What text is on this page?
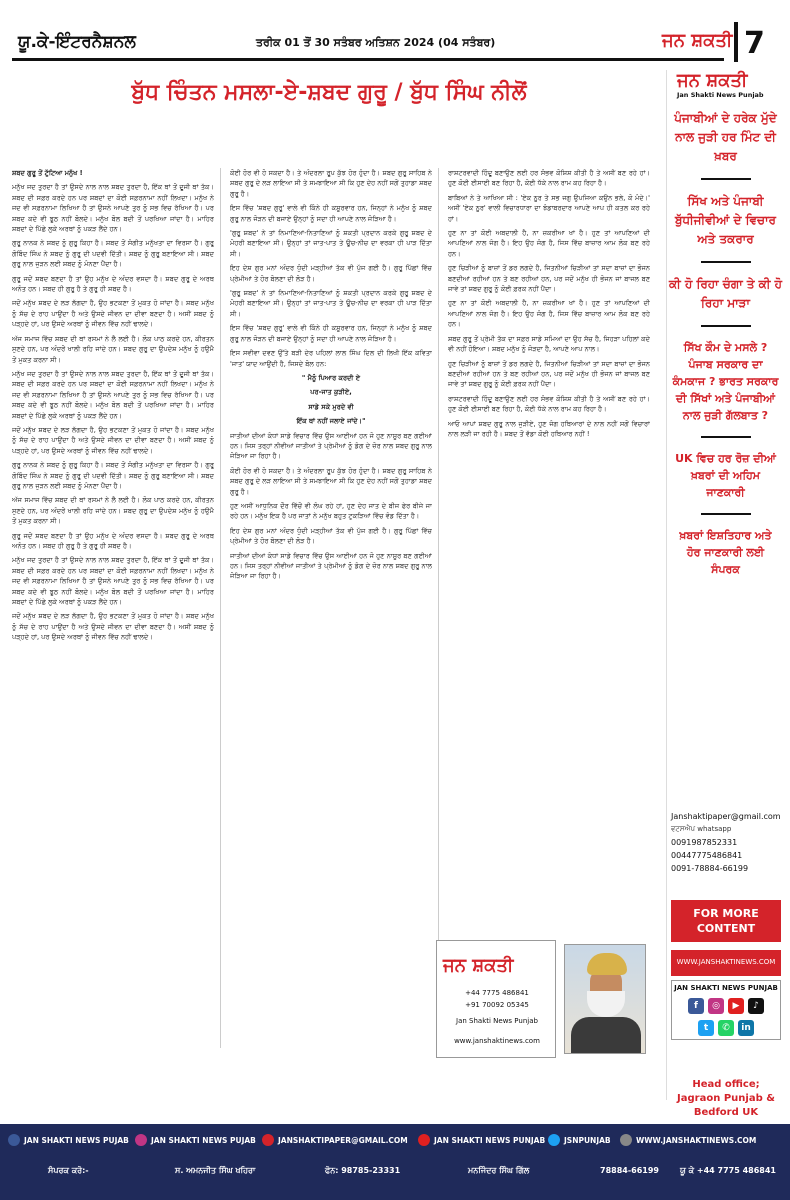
ਯੂ.ਕੇ-ਇੰਟਰਨੈਸ਼ਨਲ	ਤਰੀਕ 01 ਤੋਂ 30 ਸਤੰਬਰ ਅਤਿਸ਼ਨ 2024 (04 ਸਤੰਬਰ)	ਜਨ ਸ਼ਕਤੀ 7
ਬੁੱਧ ਚਿੰਤਨ ਮਸਲਾ-ਏ-ਸ਼ਬਦ ਗੁਰੂ / ਬੁੱਧ ਸਿੰਘ ਨੀਲੋਂ

ਸ਼ਬਦ ਗੁਰੂ ਤੋਂ ਟੁੱਟਿਆ ਮਨੁੱਖ !

ਮਨੁੱਖ ਜਦ ਤੁਰਦਾ ਹੈ ਤਾਂ ਉਸਦੇ ਨਾਲ ਨਾਲ ਸ਼ਬਦ ਤੁਰਦਾ ਹੈ, ਇੱਕ ਥਾਂ ਤੋਂ ਦੂਜੀ ਥਾਂ ਤੱਕ। ਸ਼ਬਦ ਦੀ ਸਫ਼ਰ ਕਰਦੇ ਹਨ ਪਰ ਸ਼ਬਦਾਂ ਦਾ ਕੋਈ ਸਫ਼ਰਨਾਮਾ ਨਹੀਂ ਲਿਖਦਾ। ਮਨੁੱਖ ਨੇ ਜਦ ਵੀ ਸਫ਼ਰਨਾਮਾ ਲਿਖਿਆ ਹੈ ਤਾਂ ਉਸਨੇ ਆਪਣੇ ਤੁਰ ਨੂੰ ਸਭ ਵਿਚ ਰੱਖਿਆ ਹੈ। ਪਰ ਸ਼ਬਦ ਕਦੇ ਵੀ ਝੂਠ ਨਹੀਂ ਬੋਲਦੇ। ਮਨੁੱਖ ਬੋਲ ਬਦੀ ਤੋਂ ਪਰਖਿਆ ਜਾਂਦਾ ਹੈ। ਮਾਹਿਰ ਸ਼ਬਦਾਂ ਦੇ ਪਿੱਛੇ ਲੁਕੇ ਅਰਥਾਂ ਨੂੰ ਪਕੜ ਲੈਂਦੇ ਹਨ।

ਗੁਰੂ ਨਾਨਕ ਨੇ ਸ਼ਬਦ ਨੂੰ ਗੁਰੂ ਕਿਹਾ ਹੈ। ਸ਼ਬਦ ਤੋਂ ਸੰਗੀਤ ਮਨੁੱਖਤਾ ਦਾ ਵਿਰਸਾ ਹੈ। ਗੁਰੂ ਗੋਬਿੰਦ ਸਿੰਘ ਨੇ ਸ਼ਬਦ ਨੂੰ ਗੁਰੂ ਦੀ ਪਦਵੀ ਦਿੱਤੀ। ਸ਼ਬਦ ਨੂੰ ਗੁਰੂ ਬਣਾਇਆ ਸੀ। ਸ਼ਬਦ ਗੁਰੂ ਨਾਲ ਜੁੜਨ ਲਈ ਸ਼ਬਦ ਨੂੰ ਮੰਨਣਾ ਪੈਂਦਾ ਹੈ।

ਗੁਰੂ ਜਦੋਂ ਸ਼ਬਦ ਬਣਦਾ ਹੈ ਤਾਂ ਉਹ ਮਨੁੱਖ ਦੇ ਅੰਦਰ ਵਸਦਾ ਹੈ। ਸ਼ਬਦ ਗੁਰੂ ਦੇ ਅਰਥ ਅਨੰਤ ਹਨ। ਸ਼ਬਦ ਹੀ ਗੁਰੂ ਹੈ ਤੇ ਗੁਰੂ ਹੀ ਸ਼ਬਦ ਹੈ।

ਜਦੋਂ ਮਨੁੱਖ ਸ਼ਬਦ ਦੇ ਲੜ ਲੱਗਦਾ ਹੈ, ਉਹ ਭਟਕਣਾ ਤੋਂ ਮੁਕਤ ਹੋ ਜਾਂਦਾ ਹੈ। ਸ਼ਬਦ ਮਨੁੱਖ ਨੂੰ ਸੱਚ ਦੇ ਰਾਹ ਪਾਉਂਦਾ ਹੈ ਅਤੇ ਉਸਦੇ ਜੀਵਨ ਦਾ ਦੀਵਾ ਬਣਦਾ ਹੈ। ਅਸੀਂ ਸ਼ਬਦ ਨੂੰ ਪੜ੍ਹਦੇ ਹਾਂ, ਪਰ ਉਸਦੇ ਅਰਥਾਂ ਨੂੰ ਜੀਵਨ ਵਿੱਚ ਨਹੀਂ ਢਾਲਦੇ।

ਅੱਜ ਸਮਾਜ ਵਿੱਚ ਸ਼ਬਦ ਦੀ ਥਾਂ ਰਸਮਾਂ ਨੇ ਲੈ ਲਈ ਹੈ। ਲੋਕ ਪਾਠ ਕਰਦੇ ਹਨ, ਕੀਰਤਨ ਸੁਣਦੇ ਹਨ, ਪਰ ਅੰਦਰੋਂ ਖਾਲੀ ਰਹਿ ਜਾਂਦੇ ਹਨ। ਸ਼ਬਦ ਗੁਰੂ ਦਾ ਉਪਦੇਸ਼ ਮਨੁੱਖ ਨੂੰ ਹਉਮੈ ਤੋਂ ਮੁਕਤ ਕਰਨਾ ਸੀ।

ਮਨੁੱਖ ਜਦ ਤੁਰਦਾ ਹੈ ਤਾਂ ਉਸਦੇ ਨਾਲ ਨਾਲ ਸ਼ਬਦ ਤੁਰਦਾ ਹੈ, ਇੱਕ ਥਾਂ ਤੋਂ ਦੂਜੀ ਥਾਂ ਤੱਕ। ਸ਼ਬਦ ਦੀ ਸਫ਼ਰ ਕਰਦੇ ਹਨ ਪਰ ਸ਼ਬਦਾਂ ਦਾ ਕੋਈ ਸਫ਼ਰਨਾਮਾ ਨਹੀਂ ਲਿਖਦਾ। ਮਨੁੱਖ ਨੇ ਜਦ ਵੀ ਸਫ਼ਰਨਾਮਾ ਲਿਖਿਆ ਹੈ ਤਾਂ ਉਸਨੇ ਆਪਣੇ ਤੁਰ ਨੂੰ ਸਭ ਵਿਚ ਰੱਖਿਆ ਹੈ। ਪਰ ਸ਼ਬਦ ਕਦੇ ਵੀ ਝੂਠ ਨਹੀਂ ਬੋਲਦੇ। ਮਨੁੱਖ ਬੋਲ ਬਦੀ ਤੋਂ ਪਰਖਿਆ ਜਾਂਦਾ ਹੈ। ਮਾਹਿਰ ਸ਼ਬਦਾਂ ਦੇ ਪਿੱਛੇ ਲੁਕੇ ਅਰਥਾਂ ਨੂੰ ਪਕੜ ਲੈਂਦੇ ਹਨ।

ਜਦੋਂ ਮਨੁੱਖ ਸ਼ਬਦ ਦੇ ਲੜ ਲੱਗਦਾ ਹੈ, ਉਹ ਭਟਕਣਾ ਤੋਂ ਮੁਕਤ ਹੋ ਜਾਂਦਾ ਹੈ। ਸ਼ਬਦ ਮਨੁੱਖ ਨੂੰ ਸੱਚ ਦੇ ਰਾਹ ਪਾਉਂਦਾ ਹੈ ਅਤੇ ਉਸਦੇ ਜੀਵਨ ਦਾ ਦੀਵਾ ਬਣਦਾ ਹੈ। ਅਸੀਂ ਸ਼ਬਦ ਨੂੰ ਪੜ੍ਹਦੇ ਹਾਂ, ਪਰ ਉਸਦੇ ਅਰਥਾਂ ਨੂੰ ਜੀਵਨ ਵਿੱਚ ਨਹੀਂ ਢਾਲਦੇ।

ਗੁਰੂ ਨਾਨਕ ਨੇ ਸ਼ਬਦ ਨੂੰ ਗੁਰੂ ਕਿਹਾ ਹੈ। ਸ਼ਬਦ ਤੋਂ ਸੰਗੀਤ ਮਨੁੱਖਤਾ ਦਾ ਵਿਰਸਾ ਹੈ। ਗੁਰੂ ਗੋਬਿੰਦ ਸਿੰਘ ਨੇ ਸ਼ਬਦ ਨੂੰ ਗੁਰੂ ਦੀ ਪਦਵੀ ਦਿੱਤੀ। ਸ਼ਬਦ ਨੂੰ ਗੁਰੂ ਬਣਾਇਆ ਸੀ। ਸ਼ਬਦ ਗੁਰੂ ਨਾਲ ਜੁੜਨ ਲਈ ਸ਼ਬਦ ਨੂੰ ਮੰਨਣਾ ਪੈਂਦਾ ਹੈ।

ਅੱਜ ਸਮਾਜ ਵਿੱਚ ਸ਼ਬਦ ਦੀ ਥਾਂ ਰਸਮਾਂ ਨੇ ਲੈ ਲਈ ਹੈ। ਲੋਕ ਪਾਠ ਕਰਦੇ ਹਨ, ਕੀਰਤਨ ਸੁਣਦੇ ਹਨ, ਪਰ ਅੰਦਰੋਂ ਖਾਲੀ ਰਹਿ ਜਾਂਦੇ ਹਨ। ਸ਼ਬਦ ਗੁਰੂ ਦਾ ਉਪਦੇਸ਼ ਮਨੁੱਖ ਨੂੰ ਹਉਮੈ ਤੋਂ ਮੁਕਤ ਕਰਨਾ ਸੀ।

ਗੁਰੂ ਜਦੋਂ ਸ਼ਬਦ ਬਣਦਾ ਹੈ ਤਾਂ ਉਹ ਮਨੁੱਖ ਦੇ ਅੰਦਰ ਵਸਦਾ ਹੈ। ਸ਼ਬਦ ਗੁਰੂ ਦੇ ਅਰਥ ਅਨੰਤ ਹਨ। ਸ਼ਬਦ ਹੀ ਗੁਰੂ ਹੈ ਤੇ ਗੁਰੂ ਹੀ ਸ਼ਬਦ ਹੈ।

ਮਨੁੱਖ ਜਦ ਤੁਰਦਾ ਹੈ ਤਾਂ ਉਸਦੇ ਨਾਲ ਨਾਲ ਸ਼ਬਦ ਤੁਰਦਾ ਹੈ, ਇੱਕ ਥਾਂ ਤੋਂ ਦੂਜੀ ਥਾਂ ਤੱਕ। ਸ਼ਬਦ ਦੀ ਸਫ਼ਰ ਕਰਦੇ ਹਨ ਪਰ ਸ਼ਬਦਾਂ ਦਾ ਕੋਈ ਸਫ਼ਰਨਾਮਾ ਨਹੀਂ ਲਿਖਦਾ। ਮਨੁੱਖ ਨੇ ਜਦ ਵੀ ਸਫ਼ਰਨਾਮਾ ਲਿਖਿਆ ਹੈ ਤਾਂ ਉਸਨੇ ਆਪਣੇ ਤੁਰ ਨੂੰ ਸਭ ਵਿਚ ਰੱਖਿਆ ਹੈ। ਪਰ ਸ਼ਬਦ ਕਦੇ ਵੀ ਝੂਠ ਨਹੀਂ ਬੋਲਦੇ। ਮਨੁੱਖ ਬੋਲ ਬਦੀ ਤੋਂ ਪਰਖਿਆ ਜਾਂਦਾ ਹੈ। ਮਾਹਿਰ ਸ਼ਬਦਾਂ ਦੇ ਪਿੱਛੇ ਲੁਕੇ ਅਰਥਾਂ ਨੂੰ ਪਕੜ ਲੈਂਦੇ ਹਨ।

ਜਦੋਂ ਮਨੁੱਖ ਸ਼ਬਦ ਦੇ ਲੜ ਲੱਗਦਾ ਹੈ, ਉਹ ਭਟਕਣਾ ਤੋਂ ਮੁਕਤ ਹੋ ਜਾਂਦਾ ਹੈ। ਸ਼ਬਦ ਮਨੁੱਖ ਨੂੰ ਸੱਚ ਦੇ ਰਾਹ ਪਾਉਂਦਾ ਹੈ ਅਤੇ ਉਸਦੇ ਜੀਵਨ ਦਾ ਦੀਵਾ ਬਣਦਾ ਹੈ। ਅਸੀਂ ਸ਼ਬਦ ਨੂੰ ਪੜ੍ਹਦੇ ਹਾਂ, ਪਰ ਉਸਦੇ ਅਰਥਾਂ ਨੂੰ ਜੀਵਨ ਵਿੱਚ ਨਹੀਂ ਢਾਲਦੇ।

ਕੋਈ ਹੋਰ ਵੀ ਹੋ ਸਕਦਾ ਹੈ। ਤੇ ਅੰਦਰਲਾ ਰੂਪ ਕੁੱਝ ਹੋਰ ਹੁੰਦਾ ਹੈ। ਸ਼ਬਦ ਗੁਰੂ ਸਾਹਿਬ ਨੇ ਸ਼ਬਦ ਗੁਰੂ ਦੇ ਲੜ ਲਾਇਆ ਸੀ ਤੇ ਸਮਝਾਇਆ ਸੀ ਕਿ ਹੁਣ ਦੇਹ ਨਹੀਂ ਸਗੋਂ ਤੁਹਾਡਾ ਸ਼ਬਦ ਗੁਰੂ ਹੈ।

ਇਸ ਵਿੱਚ 'ਸ਼ਬਦ ਗੁਰੂ' ਵਾਲੇ ਵੀ ਕਿੰਨੇ ਹੀ ਕਸੂਰਵਾਰ ਹਨ, ਜਿਨ੍ਹਾਂ ਨੇ ਮਨੁੱਖ ਨੂੰ ਸ਼ਬਦ ਗੁਰੂ ਨਾਲ ਜੋੜਨ ਦੀ ਬਜਾਏ ਉਨ੍ਹਾਂ ਨੂੰ ਸਦਾ ਹੀ ਆਪਣੇ ਨਾਲ ਜੋੜਿਆ ਹੈ।

'ਗੁਰੂ ਸ਼ਬਦ' ਨੇ ਤਾਂ ਨਿਮਾਣਿਆਂ-ਨਿਤਾਣਿਆਂ ਨੂੰ ਸ਼ਕਤੀ ਪ੍ਰਦਾਨ ਕਰਕੇ ਗੁਰੂ ਸ਼ਬਦ ਦੇ ਮੋਹਰੀ ਬਣਾਇਆ ਸੀ। ਉਨ੍ਹਾਂ ਤਾਂ ਜਾਤ-ਪਾਤ ਤੇ ਊਚ-ਨੀਚ ਦਾ ਵਰਕਾ ਹੀ ਪਾੜ ਦਿੱਤਾ ਸੀ।

ਇਹ ਦੇਸ਼ ਗੁਰ ਮਨਾਂ ਅੰਦਰ ਧੁੰਦੀ ਮੜ੍ਹੀਆਂ ਤੱਕ ਵੀ ਪੁੱਜ ਗਈ ਹੈ। ਗੁਰੂ ਪਿੱਛਾਂ ਵਿੱਚ ਪ੍ਰੇਮੀਆਂ ਤੇ ਹੋਰ ਬੋਲਣਾ ਦੀ ਲੋੜ ਹੈ।

'ਗੁਰੂ ਸ਼ਬਦ' ਨੇ ਤਾਂ ਨਿਮਾਣਿਆਂ-ਨਿਤਾਣਿਆਂ ਨੂੰ ਸ਼ਕਤੀ ਪ੍ਰਦਾਨ ਕਰਕੇ ਗੁਰੂ ਸ਼ਬਦ ਦੇ ਮੋਹਰੀ ਬਣਾਇਆ ਸੀ। ਉਨ੍ਹਾਂ ਤਾਂ ਜਾਤ-ਪਾਤ ਤੇ ਊਚ-ਨੀਚ ਦਾ ਵਰਕਾ ਹੀ ਪਾੜ ਦਿੱਤਾ ਸੀ।

ਇਸ ਵਿੱਚ 'ਸ਼ਬਦ ਗੁਰੂ' ਵਾਲੇ ਵੀ ਕਿੰਨੇ ਹੀ ਕਸੂਰਵਾਰ ਹਨ, ਜਿਨ੍ਹਾਂ ਨੇ ਮਨੁੱਖ ਨੂੰ ਸ਼ਬਦ ਗੁਰੂ ਨਾਲ ਜੋੜਨ ਦੀ ਬਜਾਏ ਉਨ੍ਹਾਂ ਨੂੰ ਸਦਾ ਹੀ ਆਪਣੇ ਨਾਲ ਜੋੜਿਆ ਹੈ।

ਇਸ ਸਵੀਵਾ ਦਵਣ ਉੱਤੇ ਬੜੀ ਦੇਰ ਪਹਿਲਾਂ ਲਾਲ ਸਿੰਘ ਦਿਲ ਦੀ ਲਿਖੀ ਇੱਕ ਕਵਿਤਾ 'ਜਾਤ' ਯਾਦ ਆਉਂਦੀ ਹੈ, ਜਿਸਦੇ ਬੋਲ ਹਨ:

" ਮੈਨੂੰ ਪਿਆਰ ਕਰਦੀ ਏ
ਪਰ-ਜਾਤ ਕੁੜੀਏ,
ਸਾਡੇ ਸਕੇ ਮੁਰਦੇ ਵੀ
ਇੱਕ ਥਾਂ ਨਹੀਂ ਜਲਾਏ ਜਾਂਦੇ।"

ਜਾਤੀਆਂ ਦੀਆਂ ਕੰਧਾਂ ਸਾਡੇ ਵਿਚਾਰ ਵਿੱਚ ਉਸ ਆਈਆਂ ਹਨ ਜੋ ਹੁਣ ਨਾਸੂਰ ਬਣ ਗਈਆਂ ਹਨ। ਜਿਸ ਤਰ੍ਹਾਂ ਨੀਵੀਆਂ ਜਾਤੀਆਂ ਤੇ ਪ੍ਰੇਮੀਆਂ ਨੂੰ ਡੰਗ ਦੇ ਜ਼ੋਰ ਨਾਲ ਸ਼ਬਦ ਗੁਰੂ ਨਾਲ ਜੋੜਿਆ ਜਾ ਰਿਹਾ ਹੈ।

ਕੋਈ ਹੋਰ ਵੀ ਹੋ ਸਕਦਾ ਹੈ। ਤੇ ਅੰਦਰਲਾ ਰੂਪ ਕੁੱਝ ਹੋਰ ਹੁੰਦਾ ਹੈ। ਸ਼ਬਦ ਗੁਰੂ ਸਾਹਿਬ ਨੇ ਸ਼ਬਦ ਗੁਰੂ ਦੇ ਲੜ ਲਾਇਆ ਸੀ ਤੇ ਸਮਝਾਇਆ ਸੀ ਕਿ ਹੁਣ ਦੇਹ ਨਹੀਂ ਸਗੋਂ ਤੁਹਾਡਾ ਸ਼ਬਦ ਗੁਰੂ ਹੈ।

ਹੁਣ ਅਸੀਂ ਆਧੁਨਿਕ ਦੌਰ ਵਿੱਚੋਂ ਵੀ ਲੰਘ ਰਹੇ ਹਾਂ, ਹੁਣ ਦੇਹ ਜਾਤ ਦੇ ਬੀਜ ਫੇਰ ਬੀਜੇ ਜਾ ਰਹੇ ਹਨ। ਮਨੁੱਖ ਇਕ ਹੈ ਪਰ ਜਾਤਾਂ ਨੇ ਮਨੁੱਖ ਬਹੁਤ ਟੁਕੜਿਆਂ ਵਿੱਚ ਵੰਡ ਦਿੱਤਾ ਹੈ।

ਇਹ ਦੇਸ਼ ਗੁਰ ਮਨਾਂ ਅੰਦਰ ਧੁੰਦੀ ਮੜ੍ਹੀਆਂ ਤੱਕ ਵੀ ਪੁੱਜ ਗਈ ਹੈ। ਗੁਰੂ ਪਿੱਛਾਂ ਵਿੱਚ ਪ੍ਰੇਮੀਆਂ ਤੇ ਹੋਰ ਬੋਲਣਾ ਦੀ ਲੋੜ ਹੈ।

ਜਾਤੀਆਂ ਦੀਆਂ ਕੰਧਾਂ ਸਾਡੇ ਵਿਚਾਰ ਵਿੱਚ ਉਸ ਆਈਆਂ ਹਨ ਜੋ ਹੁਣ ਨਾਸੂਰ ਬਣ ਗਈਆਂ ਹਨ। ਜਿਸ ਤਰ੍ਹਾਂ ਨੀਵੀਆਂ ਜਾਤੀਆਂ ਤੇ ਪ੍ਰੇਮੀਆਂ ਨੂੰ ਡੰਗ ਦੇ ਜ਼ੋਰ ਨਾਲ ਸ਼ਬਦ ਗੁਰੂ ਨਾਲ ਜੋੜਿਆ ਜਾ ਰਿਹਾ ਹੈ।

ਰਾਸ਼ਟਰਵਾਦੀ ਹਿੰਦੂ ਬਣਾਉਣ ਲਈ ਹਰ ਸੰਭਵ ਕੋਸ਼ਿਸ਼ ਕੀਤੀ ਹੈ ਤੇ ਅਸੀਂ ਬਣ ਰਹੇ ਹਾਂ। ਹੁਣ ਕੋਈ ਈਸਾਈ ਬਣ ਰਿਹਾ ਹੈ, ਕੋਈ ਧੱਕੇ ਨਾਲ ਰਾਮ ਕਹ ਰਿਹਾ ਹੈ।

ਬਾਬਿਆਂ ਨੇ ਤੇ ਆਖਿਆ ਸੀ : 'ਏਕ ਨੂਰ ਤੇ ਸਭ ਜਗੁ ਉਪਜਿਆ ਕਉਨ ਭਲੇ, ਕੋ ਮੰਦੇ।' ਅਸੀਂ 'ਏਕ ਨੂਰ' ਵਾਲੀ ਵਿਚਾਰਧਾਰਾ ਦਾ ਝੰਡਾਬਰਦਾਰ ਆਪਣੇ ਆਪ ਹੀ ਕਤਲ ਕਰ ਰਹੇ ਹਾਂ।

ਹੁਣ ਨਾ ਤਾਂ ਕੋਈ ਅਬਦਾਲੀ ਹੈ, ਨਾ ਜ਼ਕਰੀਆ ਖਾਂ ਹੈ। ਹੁਣ ਤਾਂ ਆਪਣਿਆਂ ਦੀ ਆਪਣਿਆਂ ਨਾਲ ਜੰਗ ਹੈ। ਇਹ ਉਹ ਜੰਗ ਹੈ, ਜਿਸ ਵਿੱਚ ਬਾਜ਼ਾਰ ਆਮ ਲੋਕ ਬਣ ਰਹੇ ਹਨ।

ਹੁਣ ਚਿੜੀਆਂ ਨੂੰ ਬਾਜ਼ਾਂ ਤੋਂ ਡਰ ਲਗਦੇ ਹੈ, ਜਿਤਨੀਆਂ ਚਿੜੀਆਂ ਤਾਂ ਸਦਾ ਬਾਜ਼ਾਂ ਦਾ ਭੋਜਨ ਬਣਦੀਆਂ ਰਹੀਆਂ ਹਨ ਤੇ ਬਣ ਰਹੀਆਂ ਹਨ, ਪਰ ਜਦੋਂ ਮਨੁੱਖ ਹੀ ਭੋਜਨ ਜਾਂ ਬਾਜਲ ਬਣ ਜਾਵੇ ਤਾਂ ਸ਼ਬਦ ਗੁਰੂ ਨੂੰ ਕੋਈ ਫ਼ਰਕ ਨਹੀਂ ਪੈਂਦਾ।

ਹੁਣ ਨਾ ਤਾਂ ਕੋਈ ਅਬਦਾਲੀ ਹੈ, ਨਾ ਜ਼ਕਰੀਆ ਖਾਂ ਹੈ। ਹੁਣ ਤਾਂ ਆਪਣਿਆਂ ਦੀ ਆਪਣਿਆਂ ਨਾਲ ਜੰਗ ਹੈ। ਇਹ ਉਹ ਜੰਗ ਹੈ, ਜਿਸ ਵਿੱਚ ਬਾਜ਼ਾਰ ਆਮ ਲੋਕ ਬਣ ਰਹੇ ਹਨ।

ਸ਼ਬਦ ਗੁਰੂ ਤੋਂ ਪ੍ਰੇਮੀ ਤੱਕ ਦਾ ਸਫ਼ਰ ਸਾਡੇ ਸਮਿਆਂ ਦਾ ਉਹ ਸੱਚ ਹੈ, ਜਿਹੜਾ ਪਹਿਲਾਂ ਕਦੇ ਵੀ ਨਹੀਂ ਹੋਇਆ। ਸ਼ਬਦ ਮਨੁੱਖ ਨੂੰ ਜੋੜਦਾ ਹੈ, ਆਪਣੇ ਆਪ ਨਾਲ।

ਹੁਣ ਚਿੜੀਆਂ ਨੂੰ ਬਾਜ਼ਾਂ ਤੋਂ ਡਰ ਲਗਦੇ ਹੈ, ਜਿਤਨੀਆਂ ਚਿੜੀਆਂ ਤਾਂ ਸਦਾ ਬਾਜ਼ਾਂ ਦਾ ਭੋਜਨ ਬਣਦੀਆਂ ਰਹੀਆਂ ਹਨ ਤੇ ਬਣ ਰਹੀਆਂ ਹਨ, ਪਰ ਜਦੋਂ ਮਨੁੱਖ ਹੀ ਭੋਜਨ ਜਾਂ ਬਾਜਲ ਬਣ ਜਾਵੇ ਤਾਂ ਸ਼ਬਦ ਗੁਰੂ ਨੂੰ ਕੋਈ ਫ਼ਰਕ ਨਹੀਂ ਪੈਂਦਾ।

ਰਾਸ਼ਟਰਵਾਦੀ ਹਿੰਦੂ ਬਣਾਉਣ ਲਈ ਹਰ ਸੰਭਵ ਕੋਸ਼ਿਸ਼ ਕੀਤੀ ਹੈ ਤੇ ਅਸੀਂ ਬਣ ਰਹੇ ਹਾਂ। ਹੁਣ ਕੋਈ ਈਸਾਈ ਬਣ ਰਿਹਾ ਹੈ, ਕੋਈ ਧੱਕੇ ਨਾਲ ਰਾਮ ਕਹ ਰਿਹਾ ਹੈ।

ਆਓ ਆਪਾਂ ਸ਼ਬਦ ਗੁਰੂ ਨਾਲ ਜੁੜੀਏ, ਹੁਣ ਜੰਗ ਹਥਿਆਰਾਂ ਦੇ ਨਾਲ ਨਹੀਂ ਸਗੋਂ ਵਿਚਾਰਾਂ ਨਾਲ ਲੜੀ ਜਾ ਰਹੀ ਹੈ। ਸ਼ਬਦ ਤੋਂ ਵੱਡਾ ਕੋਈ ਹਥਿਆਰ ਨਹੀਂ !

ਜਨ ਸ਼ਕਤੀ
+44 7775 486841
+91 70092 05345
Jan Shakti News Punjab
www.janshaktinews.com
ਜਨ ਸ਼ਕਤੀ
Jan Shakti News Punjab
ਪੰਜਾਬੀਆਂ ਦੇ ਹਰੇਕ ਮੁੱਦੇ ਨਾਲ ਜੁੜੀ ਹਰ ਮਿੰਟ ਦੀ ਖ਼ਬਰ
ਸਿੱਖ ਅਤੇ ਪੰਜਾਬੀ ਬੁੱਧੀਜੀਵੀਆਂ ਦੇ ਵਿਚਾਰ ਅਤੇ ਤਕਰਾਰ
ਕੀ ਹੋ ਰਿਹਾ ਚੰਗਾ ਤੇ ਕੀ ਹੋ ਰਿਹਾ ਮਾੜਾ
ਸਿੱਖ ਕੌਮ ਦੇ ਮਸਲੇ ? ਪੰਜਾਬ ਸਰਕਾਰ ਦਾ ਕੰਮਕਾਜ ? ਭਾਰਤ ਸਰਕਾਰ ਦੀ ਸਿੱਖਾਂ ਅਤੇ ਪੰਜਾਬੀਆਂ ਨਾਲ ਜੁੜੀ ਗੱਲਬਾਤ ?
UK ਵਿਚ ਹਰ ਰੋਜ਼ ਦੀਆਂ ਖ਼ਬਰਾਂ ਦੀ ਅਹਿਮ ਜਾਣਕਾਰੀ
ਖ਼ਬਰਾਂ ਇਸ਼ਤਿਹਾਰ ਅਤੇ ਹੋਰ ਜਾਣਕਾਰੀ ਲਈ ਸੰਪਰਕ
Janshaktipaper@gmail.com
ਵਟਸਐਪ whatsapp
0091987852331
00447775486841
0091-78884-66199
FOR MORE CONTENT
WWW.JANSHAKTINEWS.COM
JAN SHAKTI NEWS PUNJAB
f	◎	▶	♪
t	✆	in
Head office; Jagraon Punjab & Bedford UK
JAN SHAKTI NEWS PUJAB	JAN SHAKTI NEWS PUJAB	JANSHAKTIPAPER@GMAIL.COM	JAN SHAKTI NEWS PUNJAB	JSNPUNJAB	WWW.JANSHAKTINEWS.COM
ਸੰਪਰਕ ਕਰੋ:-	ਸ. ਅਮਨਜੀਤ ਸਿੰਘ ਖਹਿਰਾ	ਫੋਨ: 98785-23331	ਮਨਜਿੰਦਰ ਸਿੰਘ ਗਿੱਲ	78884-66199	ਯੂ ਕੇ +44 7775 486841
